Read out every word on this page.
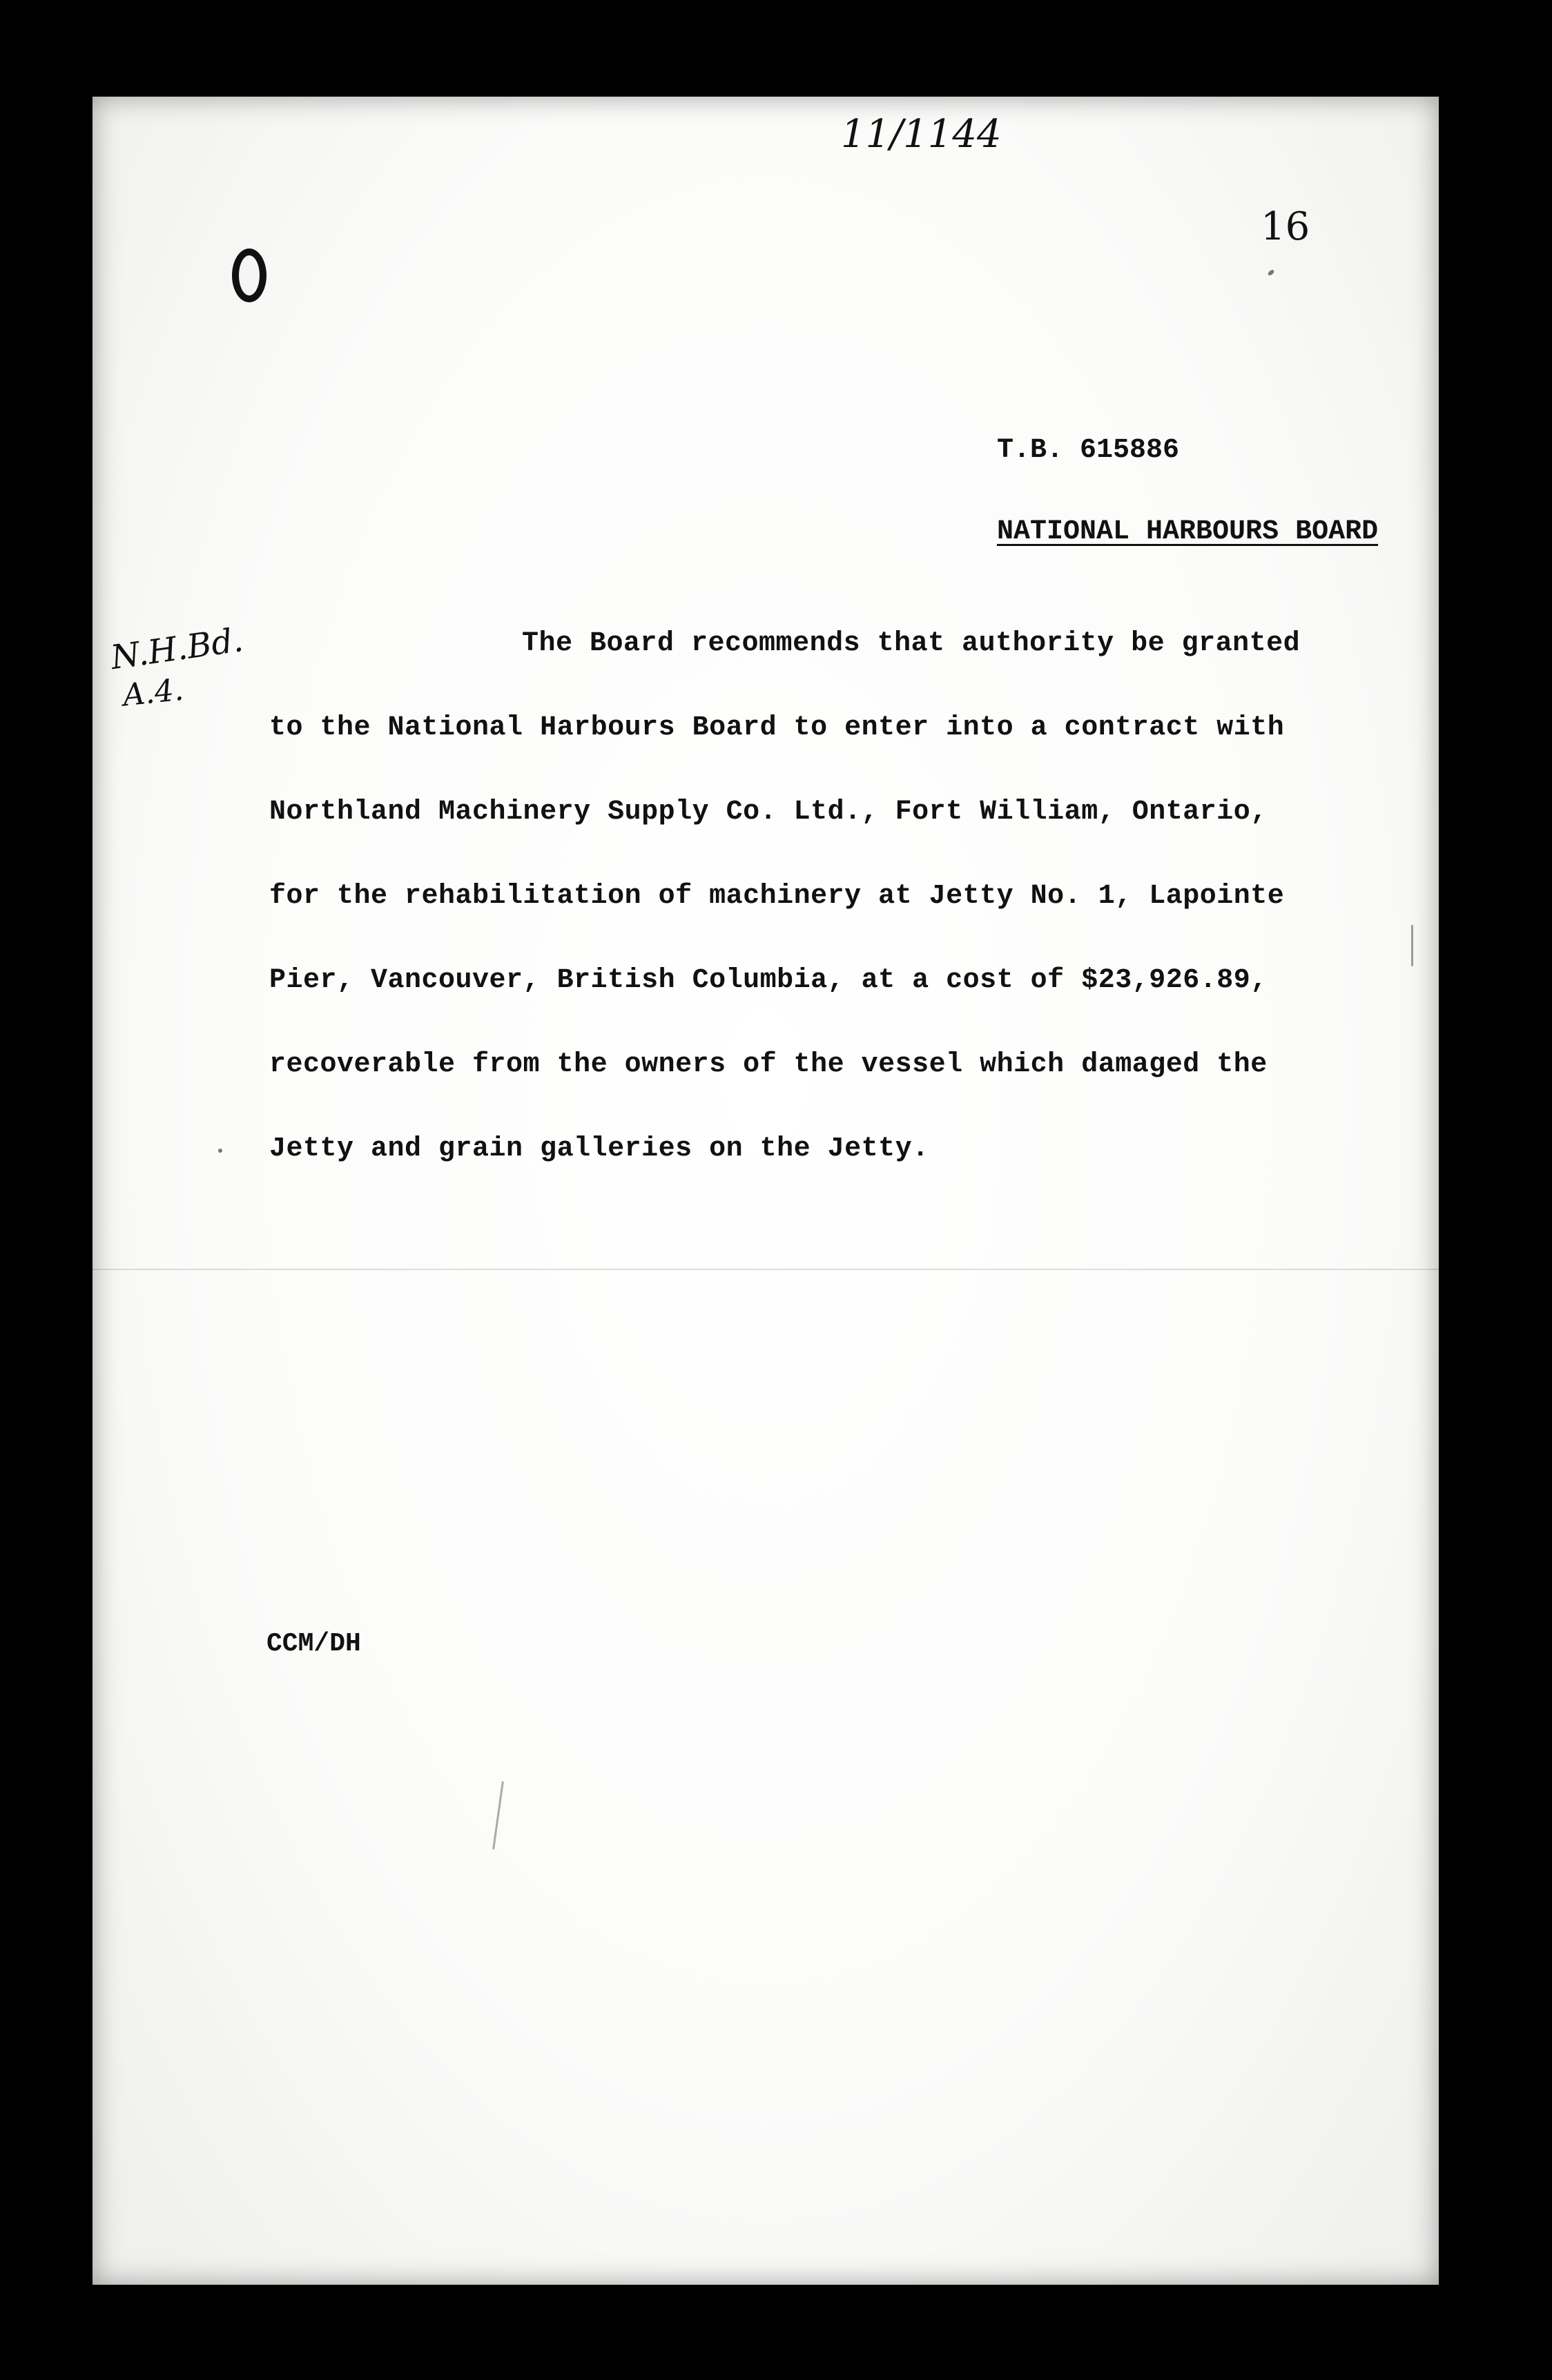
11/1144
16
T.B. 615886
NATIONAL HARBOURS BOARD
N.H.Bd.
A.4.
The Board recommends that authority be granted
to the National Harbours Board to enter into a contract with
Northland Machinery Supply Co. Ltd., Fort William, Ontario,
for the rehabilitation of machinery at Jetty No. 1, Lapointe
Pier, Vancouver, British Columbia, at a cost of $23,926.89,
recoverable from the owners of the vessel which damaged the
Jetty and grain galleries on the Jetty.
CCM/DH
